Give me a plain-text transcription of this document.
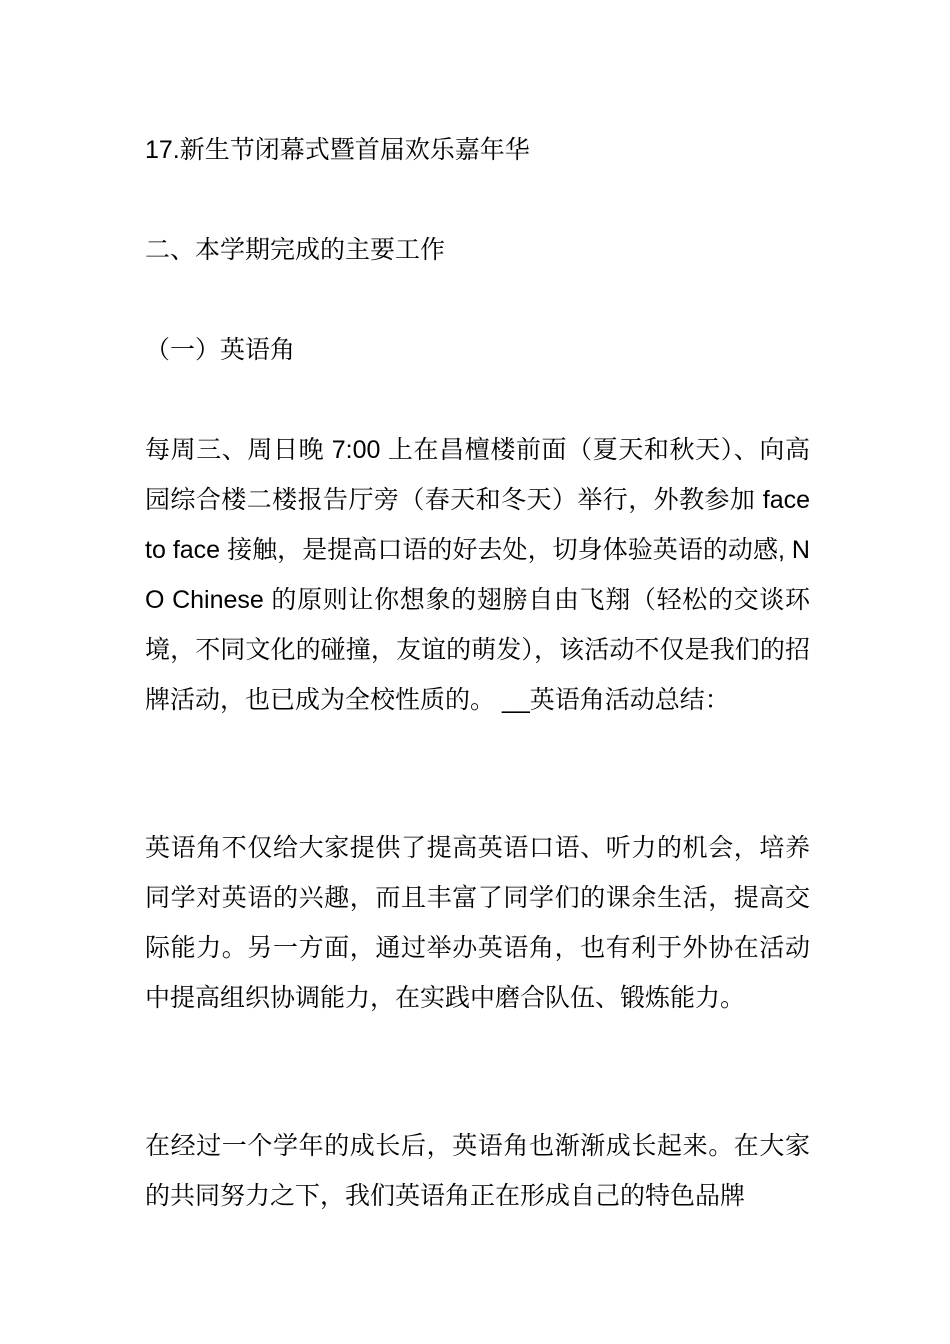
17.新生节闭幕式暨首届欢乐嘉年华

二、本学期完成的主要工作

（一）英语角

每周三、周日晚 7:00 上在昌檀楼前面（夏天和秋天）、向高园综合楼二楼报告厅旁（春天和冬天）举行，外教参加 face to face 接触，是提高口语的好去处，切身体验英语的动感, NO Chinese 的原则让你想象的翅膀自由飞翔（轻松的交谈环境，不同文化的碰撞，友谊的萌发），该活动不仅是我们的招牌活动，也已成为全校性质的。 __英语角活动总结：

英语角不仅给大家提供了提高英语口语、听力的机会，培养同学对英语的兴趣，而且丰富了同学们的课余生活，提高交际能力。另一方面，通过举办英语角，也有利于外协在活动中提高组织协调能力，在实践中磨合队伍、锻炼能力。

在经过一个学年的成长后，英语角也渐渐成长起来。在大家的共同努力之下，我们英语角正在形成自己的特色品牌
